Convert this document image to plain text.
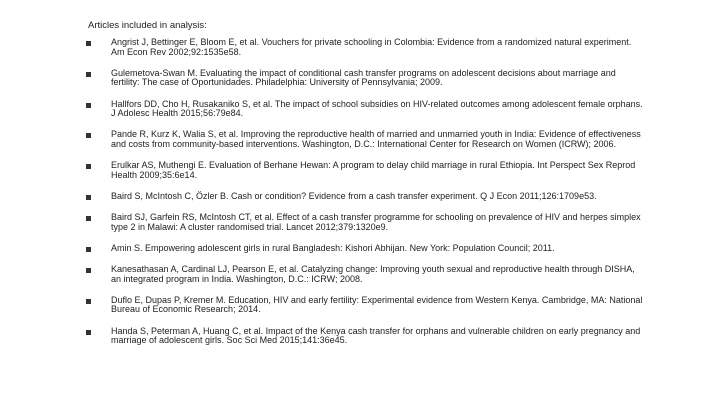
Articles included in analysis:
Angrist J, Bettinger E, Bloom E, et al. Vouchers for private schooling in Colombia: Evidence from a randomized natural experiment. Am Econ Rev 2002;92:1535e58.
Gulemetova-Swan M. Evaluating the impact of conditional cash transfer programs on adolescent decisions about marriage and fertility: The case of Oportunidades. Philadelphia: University of Pennsylvania; 2009.
Hallfors DD, Cho H, Rusakaniko S, et al. The impact of school subsidies on HIV-related outcomes among adolescent female orphans. J Adolesc Health 2015;56:79e84.
Pande R, Kurz K, Walia S, et al. Improving the reproductive health of married and unmarried youth in India: Evidence of effectiveness and costs from community-based interventions. Washington, D.C.: International Center for Research on Women (ICRW); 2006.
Erulkar AS, Muthengi E. Evaluation of Berhane Hewan: A program to delay child marriage in rural Ethiopia. Int Perspect Sex Reprod Health 2009;35:6e14.
Baird S, McIntosh C, Özler B. Cash or condition? Evidence from a cash transfer experiment. Q J Econ 2011;126:1709e53.
Baird SJ, Garfein RS, McIntosh CT, et al. Effect of a cash transfer programme for schooling on prevalence of HIV and herpes simplex type 2 in Malawi: A cluster randomised trial. Lancet 2012;379:1320e9.
Amin S. Empowering adolescent girls in rural Bangladesh: Kishori Abhijan. New York: Population Council; 2011.
Kanesathasan A, Cardinal LJ, Pearson E, et al. Catalyzing change: Improving youth sexual and reproductive health through DISHA, an integrated program in India. Washington, D.C.: ICRW; 2008.
Duflo E, Dupas P, Kremer M. Education, HIV and early fertility: Experimental evidence from Western Kenya. Cambridge, MA: National Bureau of Economic Research; 2014.
Handa S, Peterman A, Huang C, et al. Impact of the Kenya cash transfer for orphans and vulnerable children on early pregnancy and marriage of adolescent girls. Soc Sci Med 2015;141:36e45.
